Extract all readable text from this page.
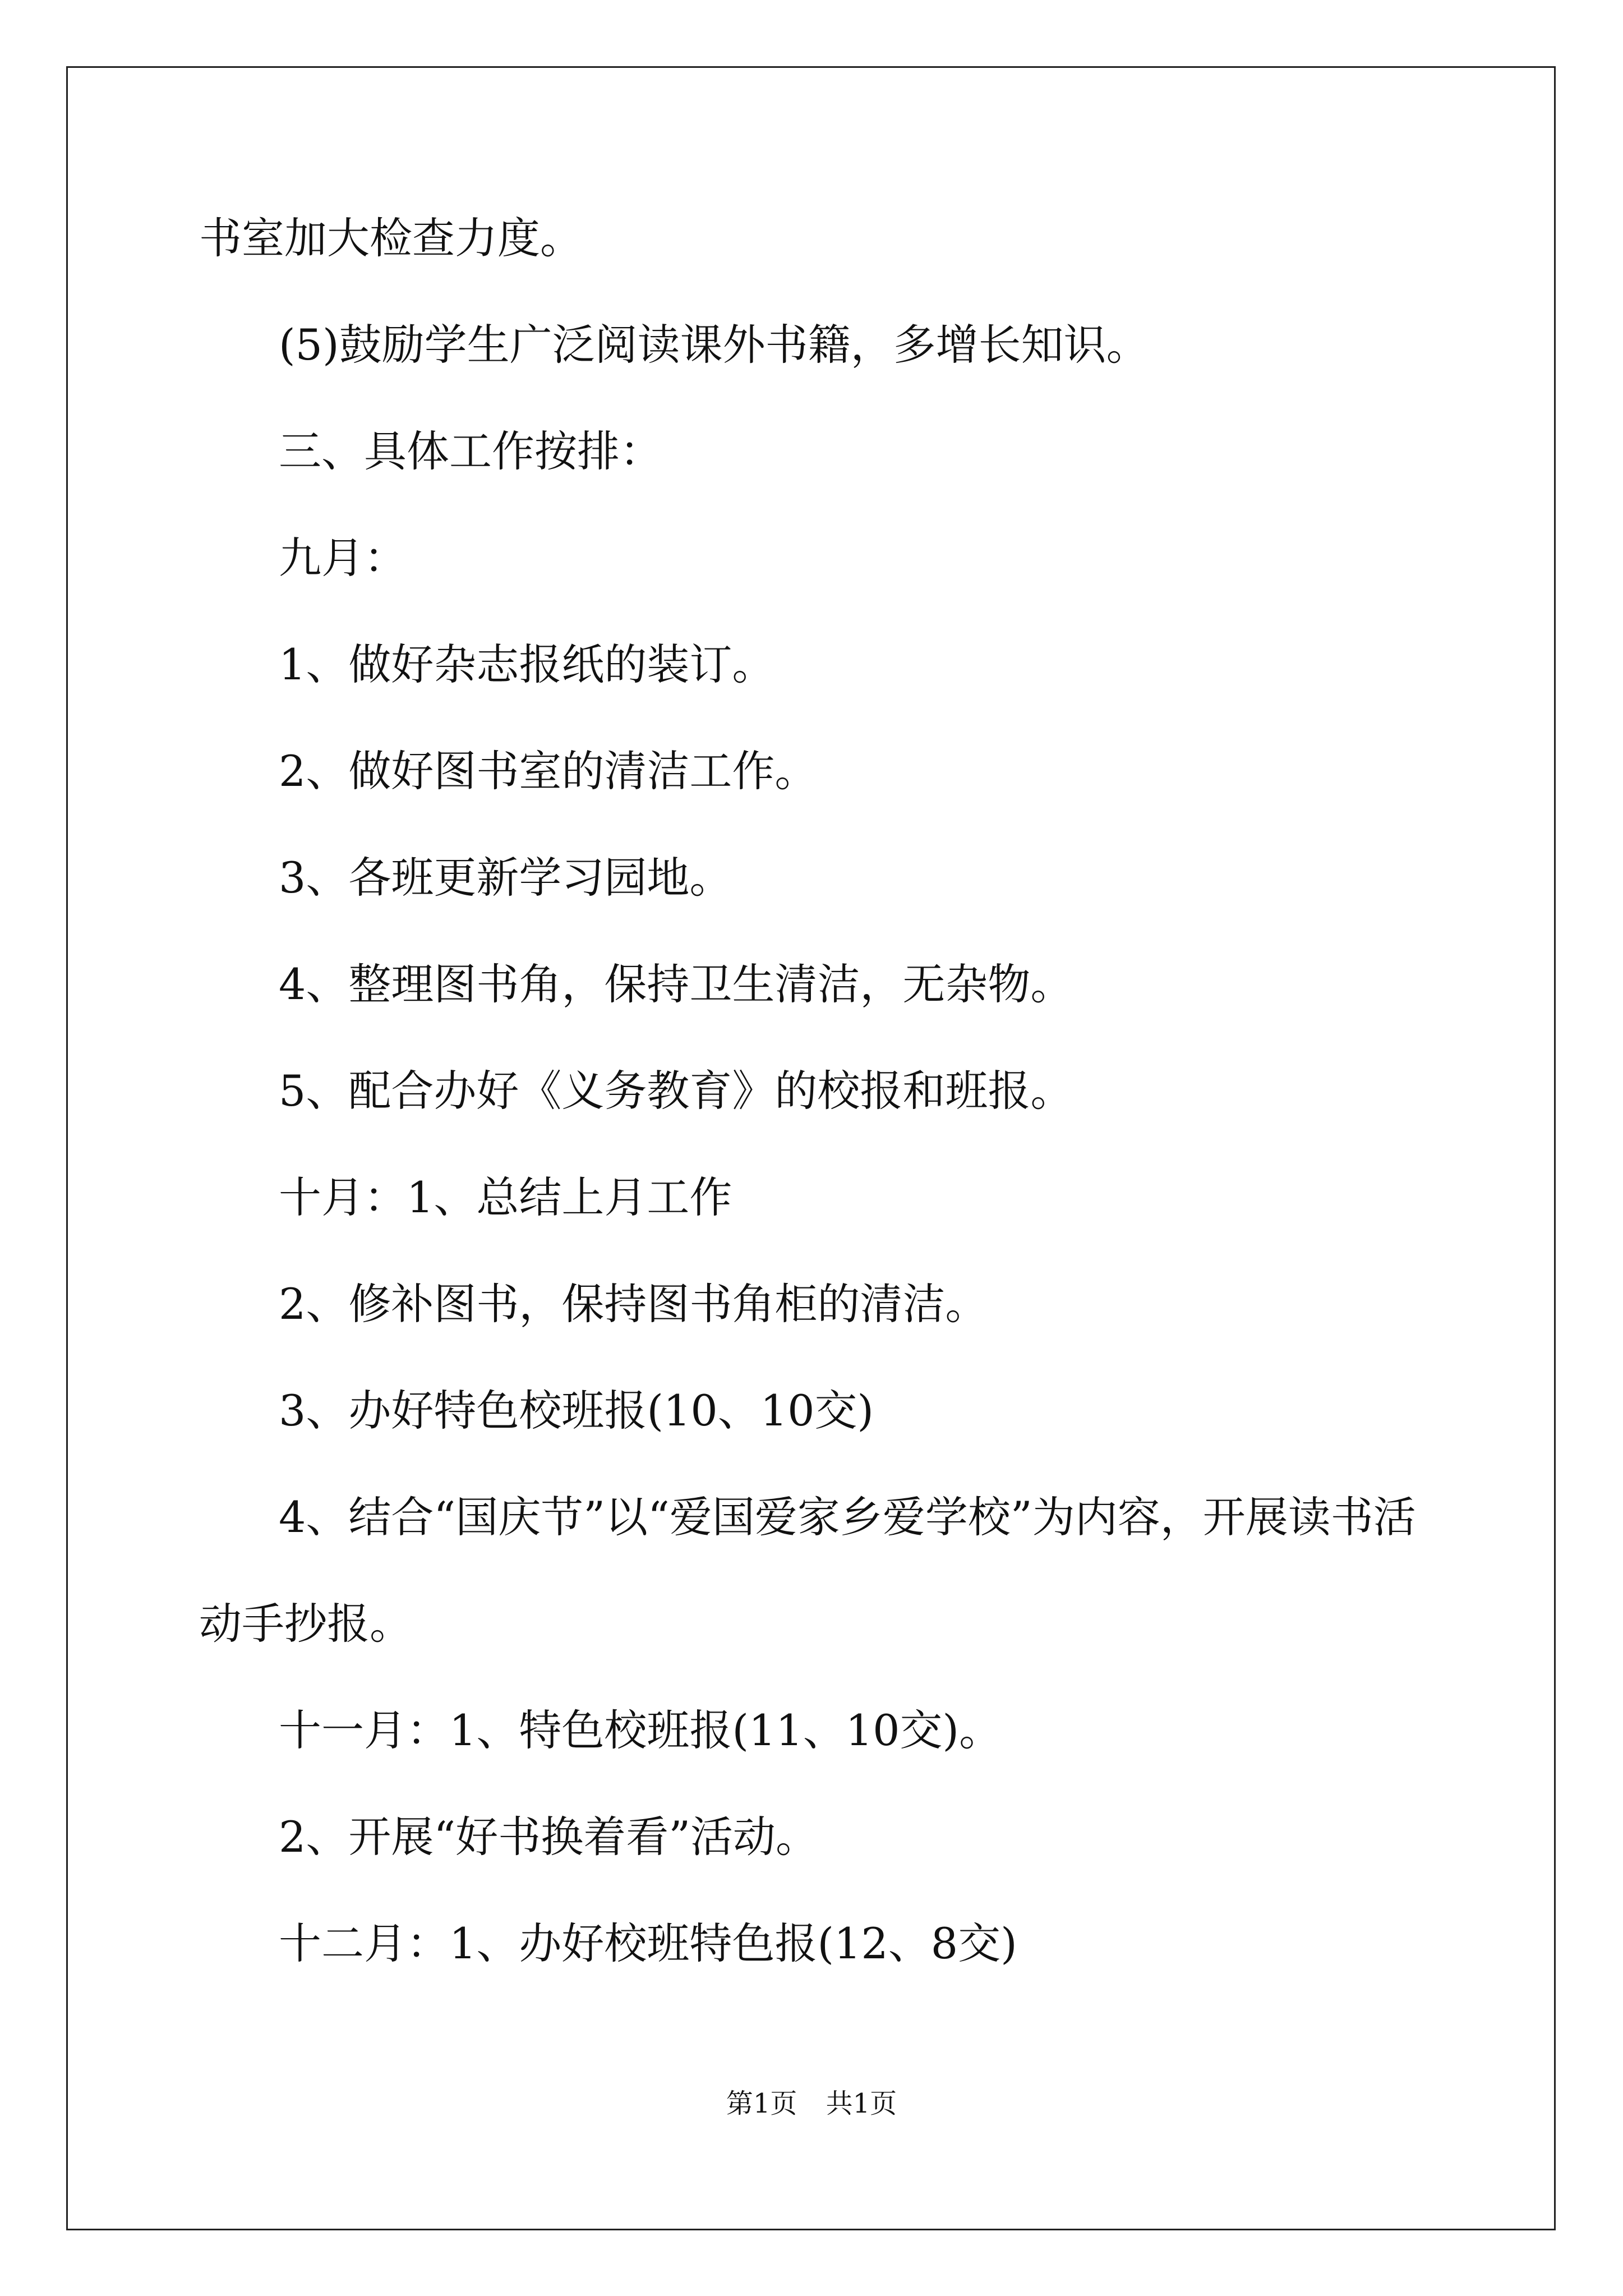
书室加大检查力度。

(5)鼓励学生广泛阅读课外书籍，多增长知识。

三、具体工作按排：

九月：

1、做好杂志报纸的装订。

2、做好图书室的清洁工作。

3、各班更新学习园地。

4、整理图书角，保持卫生清洁，无杂物。

5、配合办好《义务教育》的校报和班报。

十月：1、总结上月工作

2、修补图书，保持图书角柜的清洁。

3、办好特色校班报(10、10交)

4、结合“国庆节”以“爱国爱家乡爱学校”为内容，开展读书活

动手抄报。

十一月：1、特色校班报(11、10交)。

2、开展“好书换着看”活动。

十二月：1、办好校班特色报(12、8交)

第1页 共1页
